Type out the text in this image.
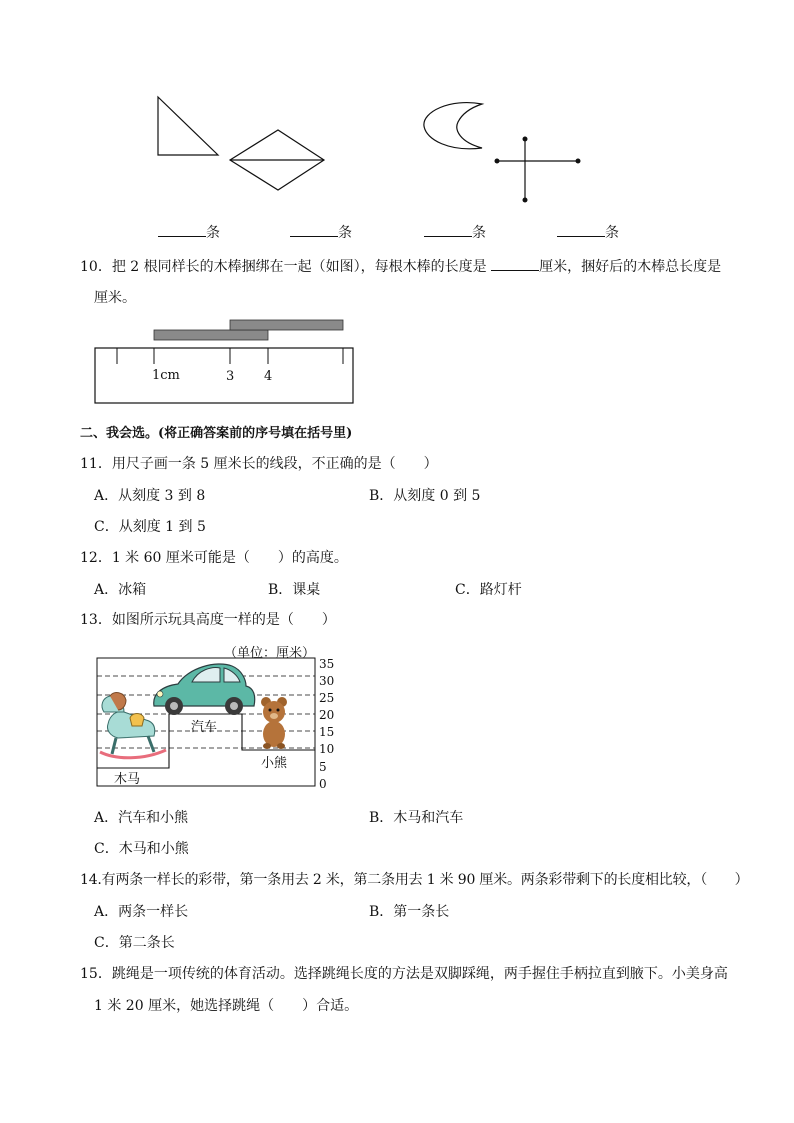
条	条	条	条
10．把 2 根同样长的木棒捆绑在一起（如图），每根木棒的长度是	厘米，捆好后的木棒总长度是
厘米。
1cm	3 4
二、我会选。(将正确答案前的序号填在括号里)
11．用尺子画一条 5 厘米长的线段，不正确的是（　　）
A．从刻度 3 到 8	B．从刻度 0 到 5
C．从刻度 1 到 5
12．1 米 60 厘米可能是（　　）的高度。
A．冰箱	B．课桌	C．路灯杆
13．如图所示玩具高度一样的是（　　）
（单位：厘米）
汽车
小熊
木马
35
30
25
20
15
10
5
0
A．汽车和小熊	B．木马和汽车
C．木马和小熊
14.有两条一样长的彩带，第一条用去 2 米，第二条用去 1 米 90 厘米。两条彩带剩下的长度相比较，（　　）
A．两条一样长	B．第一条长
C．第二条长
15．跳绳是一项传统的体育活动。选择跳绳长度的方法是双脚踩绳，两手握住手柄拉直到腋下。小美身高
1 米 20 厘米，她选择跳绳（　　）合适。
